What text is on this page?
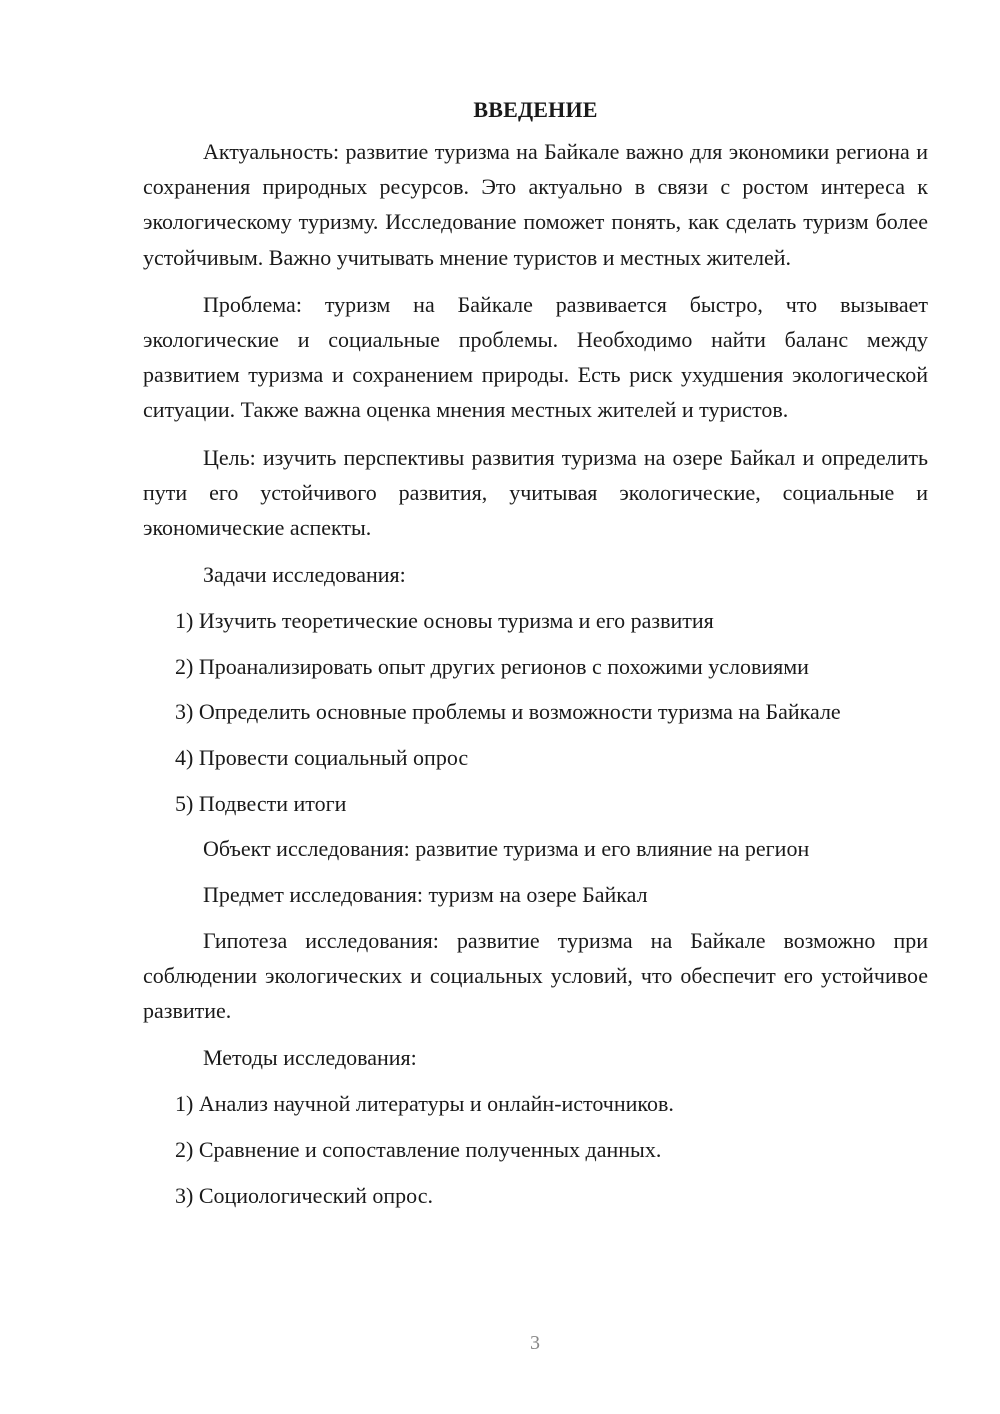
ВВЕДЕНИЕ

Актуальность: развитие туризма на Байкале важно для экономики региона и сохранения природных ресурсов. Это актуально в связи с ростом интереса к экологическому туризму. Исследование поможет понять, как сделать туризм более устойчивым. Важно учитывать мнение туристов и местных жителей.

Проблема: туризм на Байкале развивается быстро, что вызывает экологические и социальные проблемы. Необходимо найти баланс между развитием туризма и сохранением природы. Есть риск ухудшения экологической ситуации. Также важна оценка мнения местных жителей и туристов.

Цель: изучить перспективы развития туризма на озере Байкал и определить пути его устойчивого развития, учитывая экологические, социальные и экономические аспекты.

Задачи исследования:
1) Изучить теоретические основы туризма и его развития
2) Проанализировать опыт других регионов с похожими условиями
3) Определить основные проблемы и возможности туризма на Байкале
4) Провести социальный опрос
5) Подвести итоги
Объект исследования: развитие туризма и его влияние на регион
Предмет исследования: туризм на озере Байкал

Гипотеза исследования: развитие туризма на Байкале возможно при соблюдении экологических и социальных условий, что обеспечит его устойчивое развитие.

Методы исследования:
1) Анализ научной литературы и онлайн-источников.
2) Сравнение и сопоставление полученных данных.
3) Социологический опрос.
3
